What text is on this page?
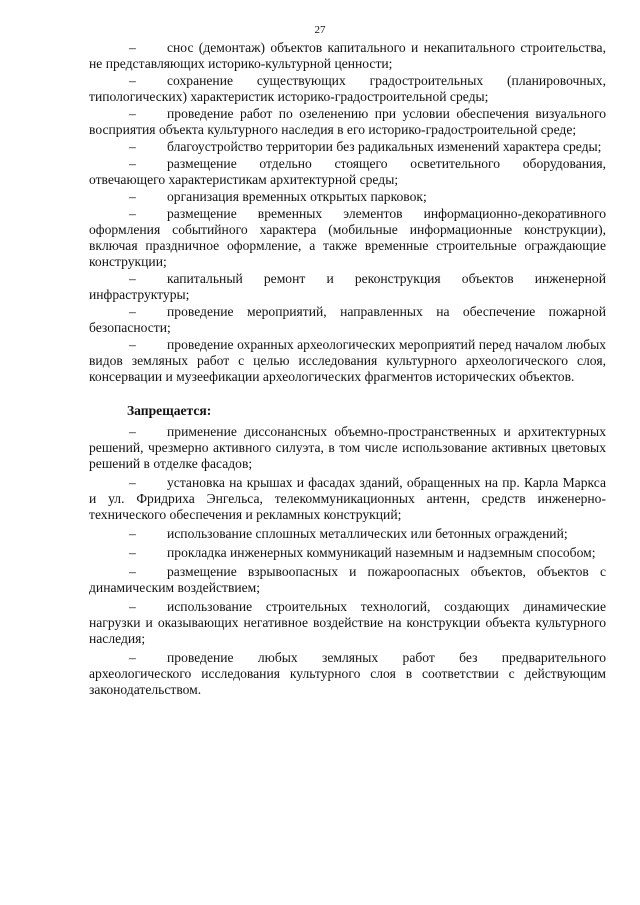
27

– снос (демонтаж) объектов капитального и некапитального строительства, не представляющих историко-культурной ценности;

– сохранение существующих градостроительных (планировочных, типологических) характеристик историко-градостроительной среды;

– проведение работ по озеленению при условии обеспечения визуального восприятия объекта культурного наследия в его историко-градостроительной среде;

– благоустройство территории без радикальных изменений характера среды;

– размещение отдельно стоящего осветительного оборудования, отвечающего характеристикам архитектурной среды;

– организация временных открытых парковок;

– размещение временных элементов информационно-декоративного оформления событийного характера (мобильные информационные конструкции), включая праздничное оформление, а также временные строительные ограждающие конструкции;

– капитальный ремонт и реконструкция объектов инженерной инфраструктуры;

– проведение мероприятий, направленных на обеспечение пожарной безопасности;

– проведение охранных археологических мероприятий перед началом любых видов земляных работ с целью исследования культурного археологического слоя, консервации и музеефикации археологических фрагментов исторических объектов.

Запрещается:

– применение диссонансных объемно-пространственных и архитектурных решений, чрезмерно активного силуэта, в том числе использование активных цветовых решений в отделке фасадов;

– установка на крышах и фасадах зданий, обращенных на пр. Карла Маркса и ул. Фридриха Энгельса, телекоммуникационных антенн, средств инженерно-технического обеспечения и рекламных конструкций;

– использование сплошных металлических или бетонных ограждений;

– прокладка инженерных коммуникаций наземным и надземным способом;

– размещение взрывоопасных и пожароопасных объектов, объектов с динамическим воздействием;

– использование строительных технологий, создающих динамические нагрузки и оказывающих негативное воздействие на конструкции объекта культурного наследия;

– проведение любых земляных работ без предварительного археологического исследования культурного слоя в соответствии с действующим законодательством.
